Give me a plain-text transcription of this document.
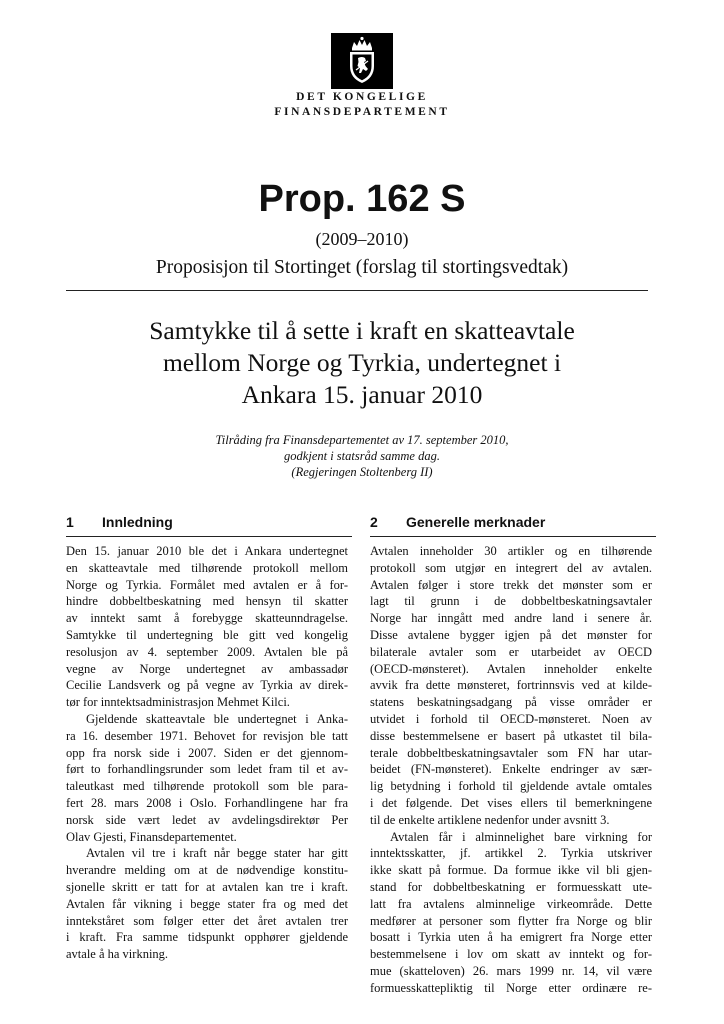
DET KONGELIGE
FINANSDEPARTEMENT
Prop. 162 S
(2009–2010)
Proposisjon til Stortinget (forslag til stortingsvedtak)
Samtykke til å sette i kraft en skatteavtale
mellom Norge og Tyrkia, undertegnet i
Ankara 15. januar 2010
Tilråding fra Finansdepartementet av 17. september 2010,
godkjent i statsråd samme dag.
(Regjeringen Stoltenberg II)
1 Innledning	2 Generelle merknader

Den 15. januar 2010 ble det i Ankara undertegnet

en skatteavtale med tilhørende protokoll mellom

Norge og Tyrkia. Formålet med avtalen er å for-

hindre dobbeltbeskatning med hensyn til skatter

av inntekt samt å forebygge skatteunndragelse.

Samtykke til undertegning ble gitt ved kongelig

resolusjon av 4. september 2009. Avtalen ble på

vegne av Norge undertegnet av ambassadør

Cecilie Landsverk og på vegne av Tyrkia av direk-

tør for inntektsadministrasjon Mehmet Kilci.

Gjeldende skatteavtale ble undertegnet i Anka-

ra 16. desember 1971. Behovet for revisjon ble tatt

opp fra norsk side i 2007. Siden er det gjennom-

ført to forhandlingsrunder som ledet fram til et av-

taleutkast med tilhørende protokoll som ble para-

fert 28. mars 2008 i Oslo. Forhandlingene har fra

norsk side vært ledet av avdelingsdirektør Per

Olav Gjesti, Finansdepartementet.

Avtalen vil tre i kraft når begge stater har gitt

hverandre melding om at de nødvendige konstitu-

sjonelle skritt er tatt for at avtalen kan tre i kraft.

Avtalen får vikning i begge stater fra og med det

inntekståret som følger etter det året avtalen trer

i kraft. Fra samme tidspunkt opphører gjeldende

avtale å ha virkning.

Avtalen inneholder 30 artikler og en tilhørende

protokoll som utgjør en integrert del av avtalen.

Avtalen følger i store trekk det mønster som er

lagt til grunn i de dobbeltbeskatningsavtaler

Norge har inngått med andre land i senere år.

Disse avtalene bygger igjen på det mønster for

bilaterale avtaler som er utarbeidet av OECD

(OECD-mønsteret). Avtalen inneholder enkelte

avvik fra dette mønsteret, fortrinnsvis ved at kilde-

statens beskatningsadgang på visse områder er

utvidet i forhold til OECD-mønsteret. Noen av

disse bestemmelsene er basert på utkastet til bila-

terale dobbeltbeskatningsavtaler som FN har utar-

beidet (FN-mønsteret). Enkelte endringer av sær-

lig betydning i forhold til gjeldende avtale omtales

i det følgende. Det vises ellers til bemerkningene

til de enkelte artiklene nedenfor under avsnitt 3.

Avtalen får i alminnelighet bare virkning for

inntektsskatter, jf. artikkel 2. Tyrkia utskriver

ikke skatt på formue. Da formue ikke vil bli gjen-

stand for dobbeltbeskatning er formuesskatt ute-

latt fra avtalens alminnelige virkeområde. Dette

medfører at personer som flytter fra Norge og blir

bosatt i Tyrkia uten å ha emigrert fra Norge etter

bestemmelsene i lov om skatt av inntekt og for-

mue (skatteloven) 26. mars 1999 nr. 14, vil være

formuesskattepliktig til Norge etter ordinære re-
